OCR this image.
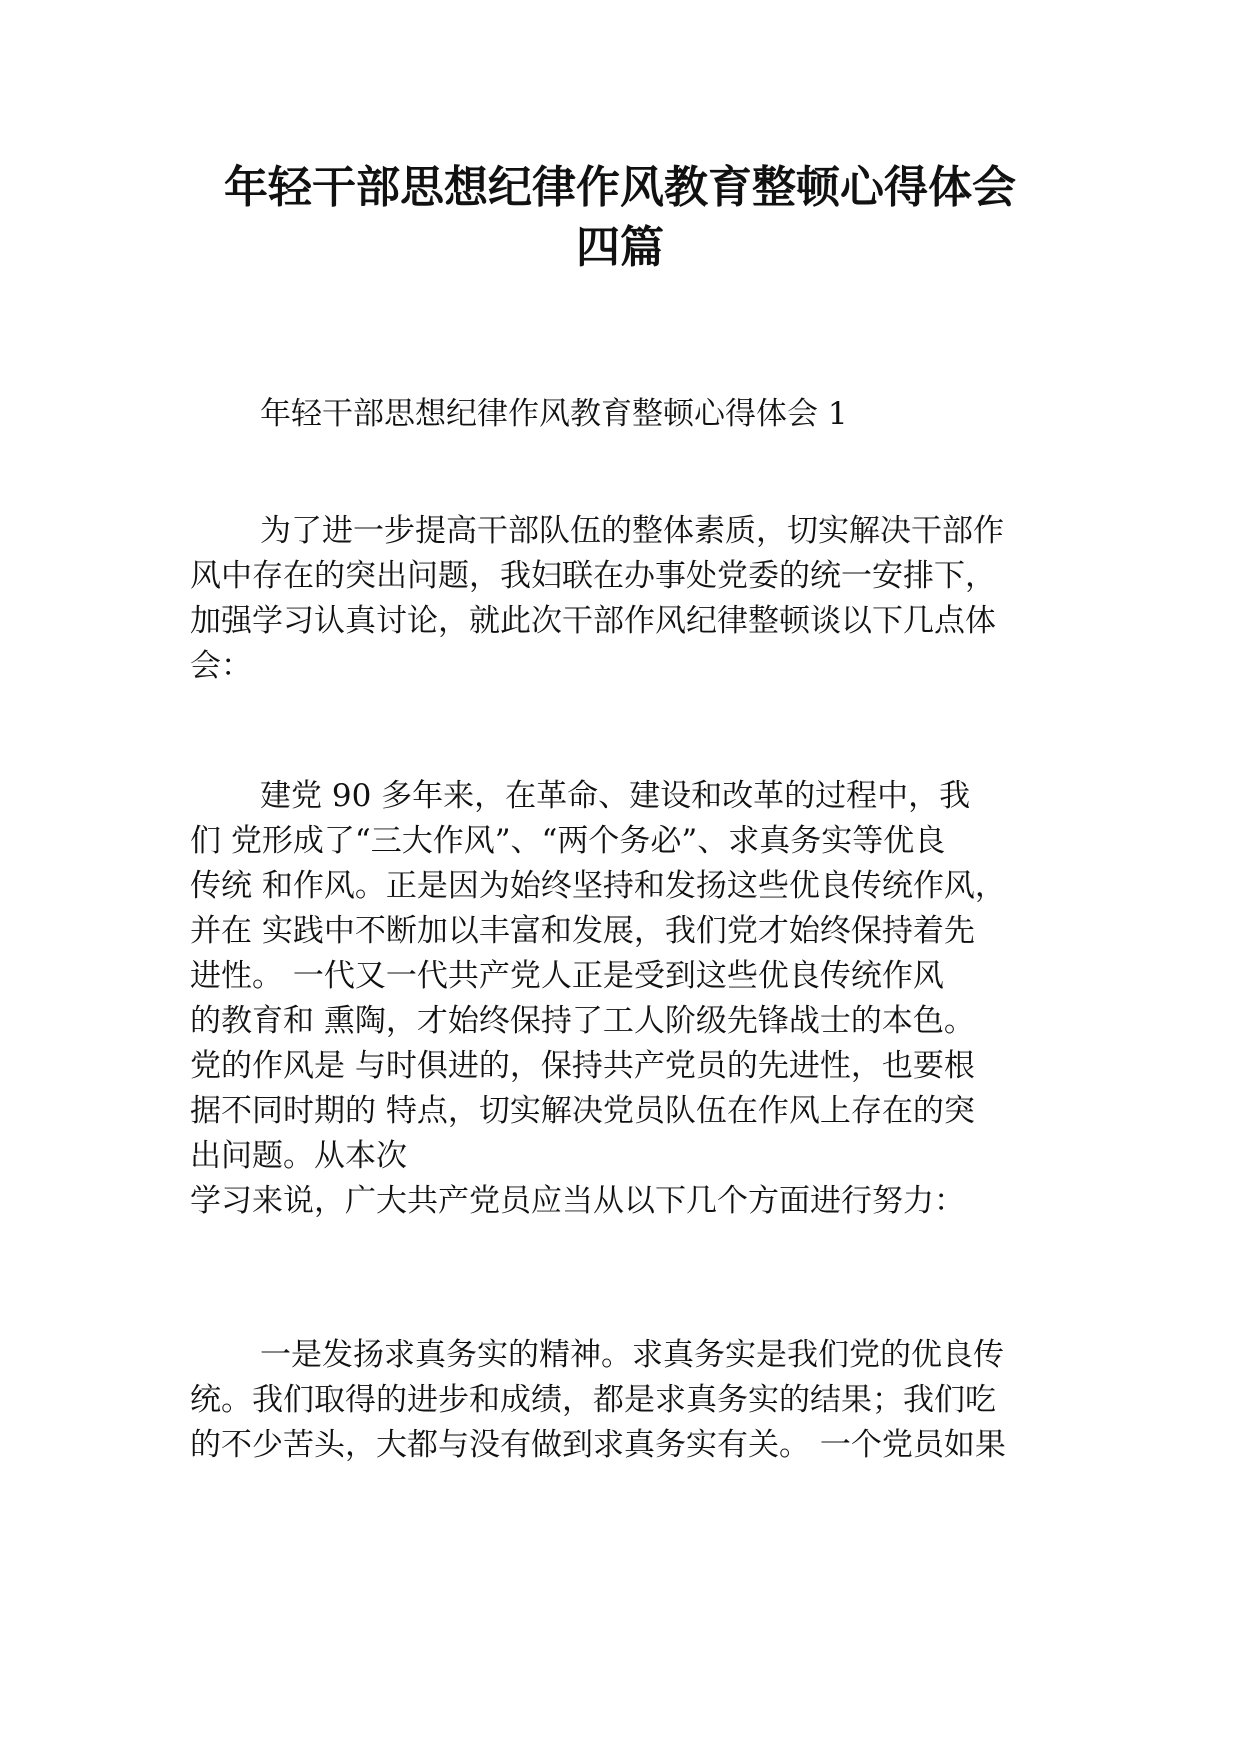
年轻干部思想纪律作风教育整顿心得体会
四篇

年轻干部思想纪律作风教育整顿心得体会 1

为了进一步提高干部队伍的整体素质，切实解决干部作
风中存在的突出问题，我妇联在办事处党委的统一安排下，
加强学习认真讨论，就此次干部作风纪律整顿谈以下几点体
会：

建党 90 多年来，在革命、建设和改革的过程中，我
们 党形成了“三大作风”、“两个务必”、求真务实等优良
传统 和作风。正是因为始终坚持和发扬这些优良传统作风，
并在 实践中不断加以丰富和发展，我们党才始终保持着先
进性。 一代又一代共产党人正是受到这些优良传统作风
的教育和 熏陶，才始终保持了工人阶级先锋战士的本色。
党的作风是 与时俱进的，保持共产党员的先进性，也要根
据不同时期的 特点，切实解决党员队伍在作风上存在的突
出问题。从本次
学习来说，广大共产党员应当从以下几个方面进行努力：

一是发扬求真务实的精神。求真务实是我们党的优良传
统。我们取得的进步和成绩，都是求真务实的结果；我们吃
的不少苦头，大都与没有做到求真务实有关。 一个党员如果
